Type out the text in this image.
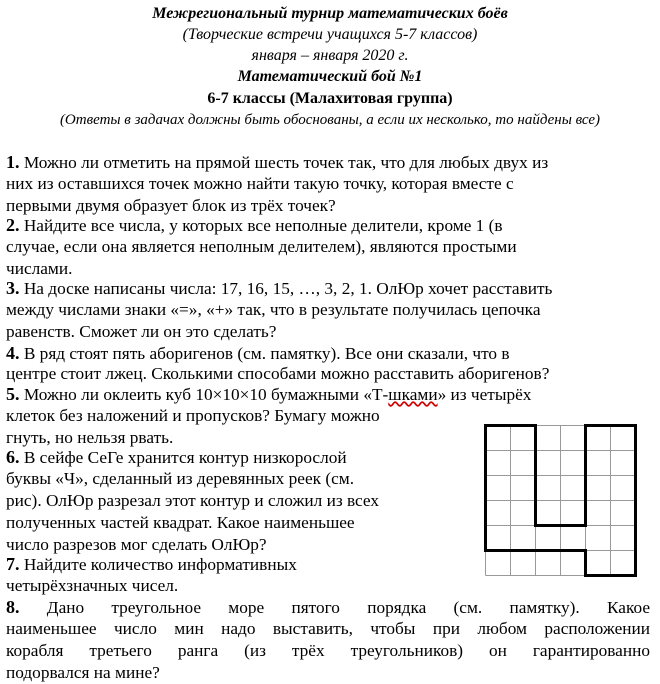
Межрегиональный турнир математических боёв
(Творческие встречи учащихся 5-7 классов)
января – января 2020 г.
Математический бой №1
6-7 классы (Малахитовая группа)
(Ответы в задачах должны быть обоснованы, а если их несколько, то найдены все)
1. Можно ли отметить на прямой шесть точек так, что для любых двух из
них из оставшихся точек можно найти такую точку, которая вместе с
первыми двумя образует блок из трёх точек?
2. Найдите все числа, у которых все неполные делители, кроме 1 (в
случае, если она является неполным делителем), являются простыми
числами.
3. На доске написаны числа: 17, 16, 15, …, 3, 2, 1. ОлЮр хочет расставить
между числами знаки «=», «+» так, что в результате получилась цепочка
равенств. Сможет ли он это сделать?
4. В ряд стоят пять аборигенов (см. памятку). Все они сказали, что в
центре стоит лжец. Сколькими способами можно расставить аборигенов?
5. Можно ли оклеить куб 10×10×10 бумажными «Т-шками» из четырёх
клеток без наложений и пропусков? Бумагу можно
гнуть, но нельзя рвать.
6. В сейфе СеГе хранится контур низкорослой
буквы «Ч», сделанный из деревянных реек (см.
рис). ОлЮр разрезал этот контур и сложил из всех
полученных частей квадрат. Какое наименьшее
число разрезов мог сделать ОлЮр?
7. Найдите количество информативных
четырёхзначных чисел.
8. Дано треугольное море пятого порядка (см. памятку). Какое
наименьшее число мин надо выставить, чтобы при любом расположении
корабля третьего ранга (из трёх треугольников) он гарантированно
подорвался на мине?
